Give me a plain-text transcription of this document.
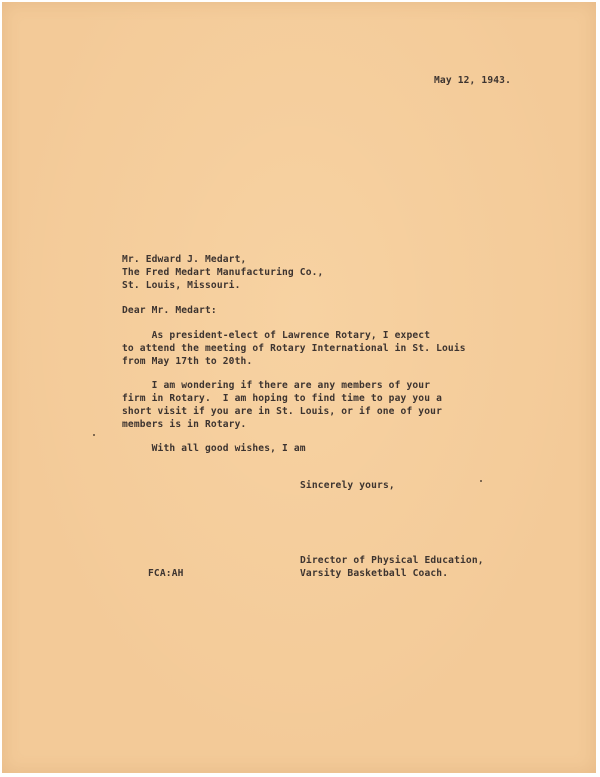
May 12, 1943.
Mr. Edward J. Medart,
The Fred Medart Manufacturing Co.,
St. Louis, Missouri.
Dear Mr. Medart:
As president-elect of Lawrence Rotary, I expect
to attend the meeting of Rotary International in St. Louis
from May 17th to 20th.
I am wondering if there are any members of your
firm in Rotary.  I am hoping to find time to pay you a
short visit if you are in St. Louis, or if one of your
members is in Rotary.
With all good wishes, I am
Sincerely yours,
Director of Physical Education,
Varsity Basketball Coach.
FCA:AH
